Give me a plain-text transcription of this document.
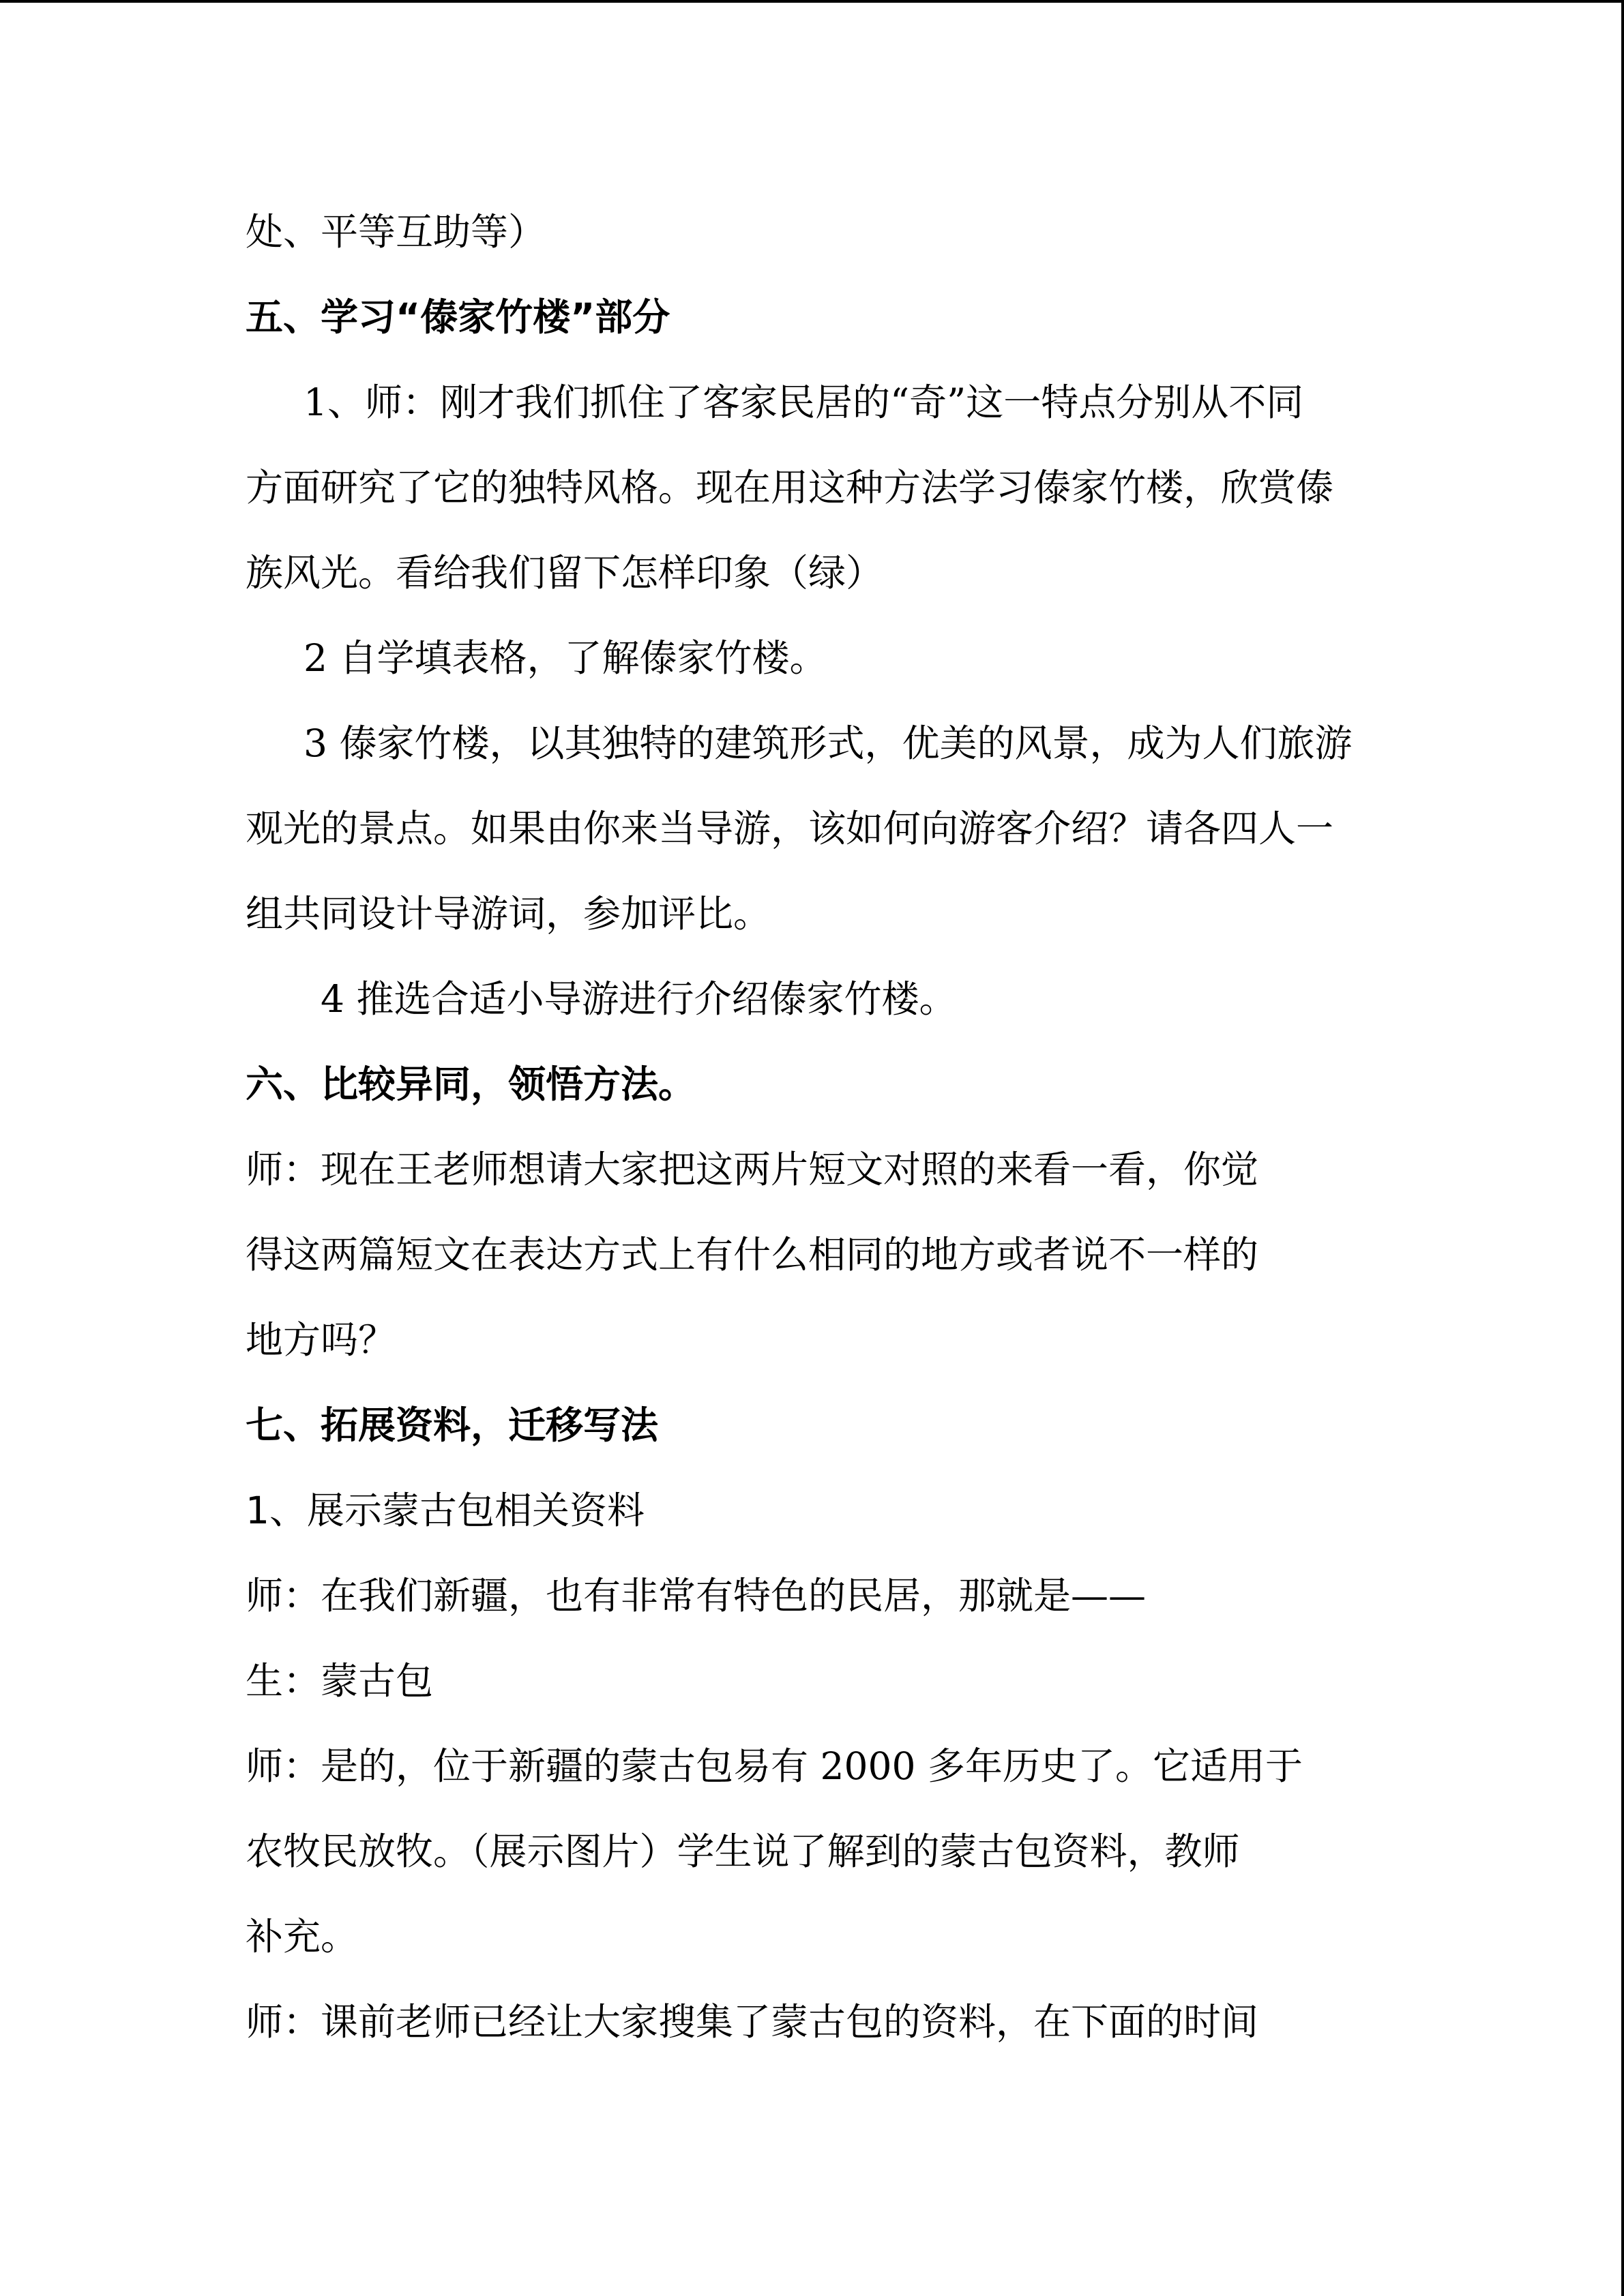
处、平等互助等）
五、学习“傣家竹楼”部分
1、师：刚才我们抓住了客家民居的“奇”这一特点分别从不同
方面研究了它的独特风格。现在用这种方法学习傣家竹楼，欣赏傣
族风光。看给我们留下怎样印象（绿）
2 自学填表格，了解傣家竹楼。
3 傣家竹楼，以其独特的建筑形式，优美的风景，成为人们旅游
观光的景点。如果由你来当导游，该如何向游客介绍？请各四人一
组共同设计导游词，参加评比。
4 推选合适小导游进行介绍傣家竹楼。
六、比较异同，领悟方法。
师：现在王老师想请大家把这两片短文对照的来看一看，你觉
得这两篇短文在表达方式上有什么相同的地方或者说不一样的
地方吗？
七、拓展资料，迁移写法
1、展示蒙古包相关资料
师：在我们新疆，也有非常有特色的民居，那就是——
生：蒙古包
师：是的，位于新疆的蒙古包易有 2000 多年历史了。它适用于
农牧民放牧。（展示图片）学生说了解到的蒙古包资料，教师
补充。
师：课前老师已经让大家搜集了蒙古包的资料，在下面的时间
